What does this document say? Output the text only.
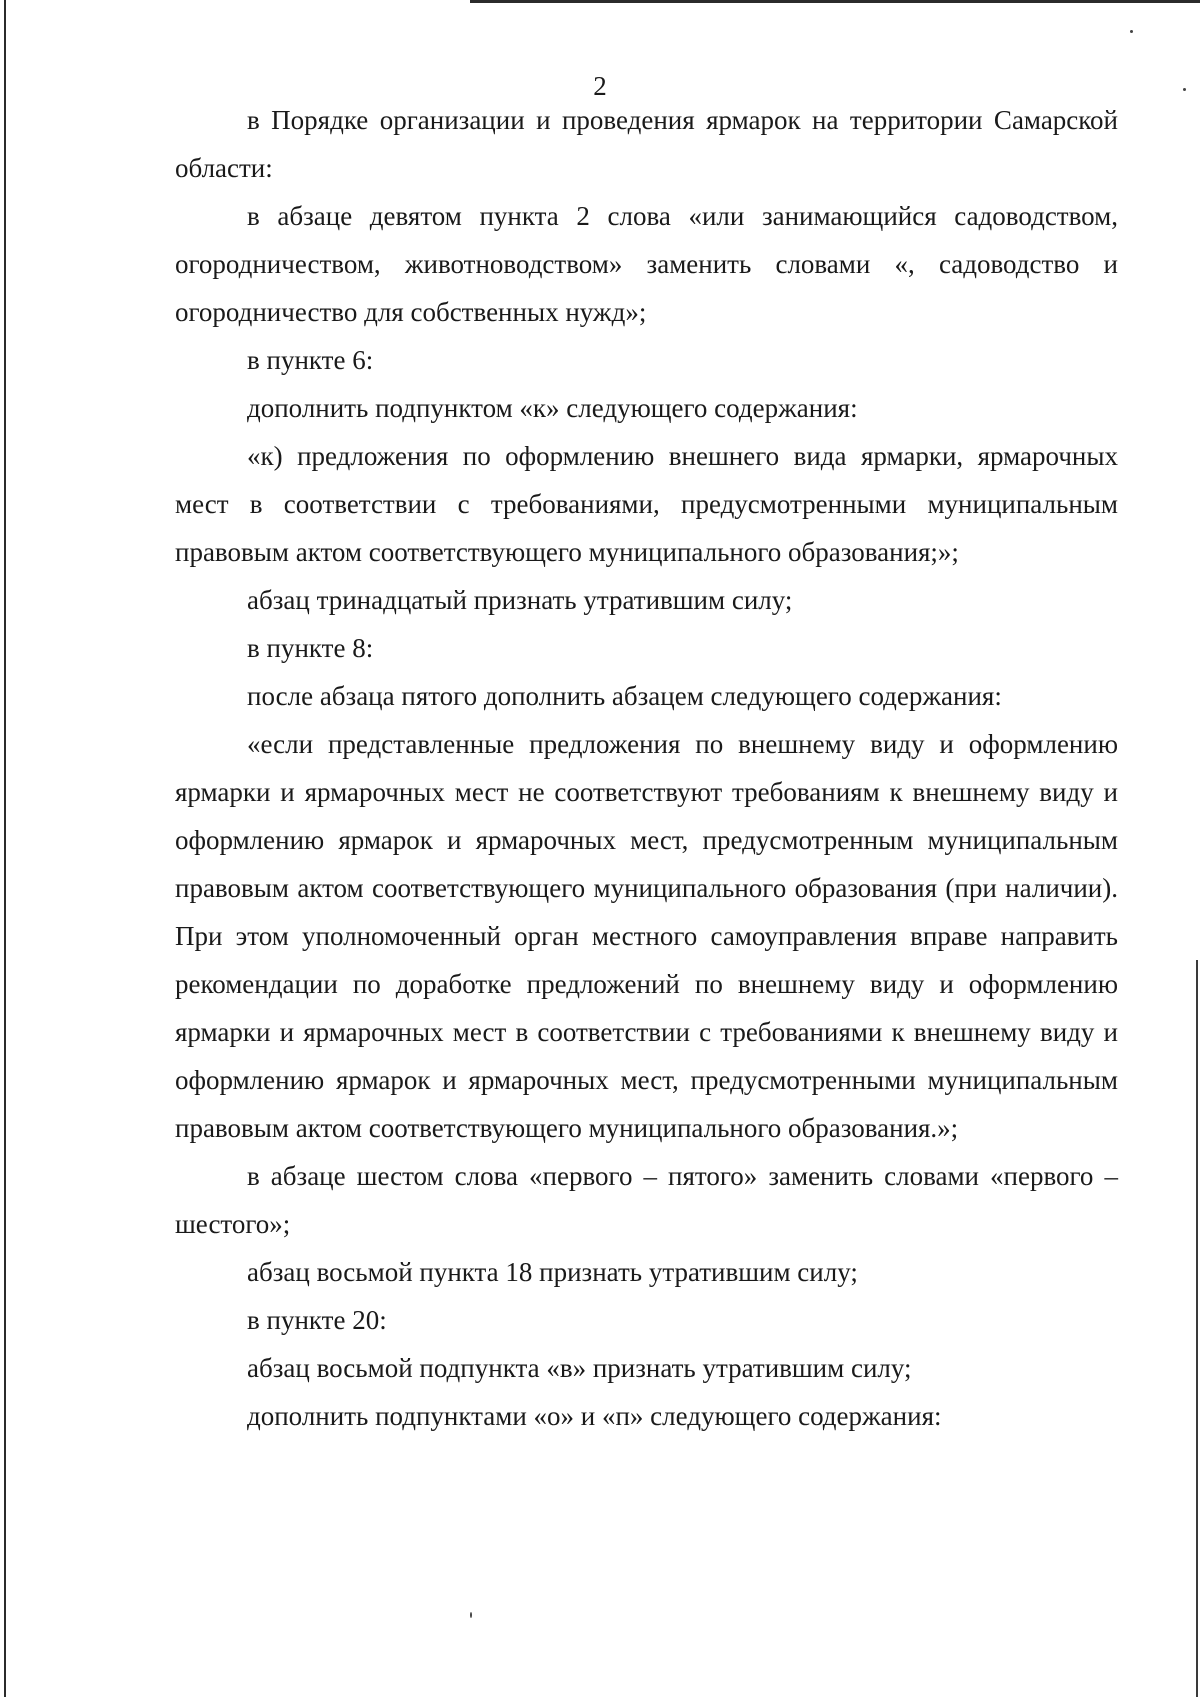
2

в Порядке организации и проведения ярмарок на территории Самарской области:

в абзаце девятом пункта 2 слова «или занимающийся садоводством, огородничеством, животноводством» заменить словами «, садоводство и огородничество для собственных нужд»;

в пункте 6:

дополнить подпунктом «к» следующего содержания:

«к) предложения по оформлению внешнего вида ярмарки, ярмарочных мест в соответствии с требованиями, предусмотренными муниципальным правовым актом соответствующего муниципального образования;»;

абзац тринадцатый признать утратившим силу;

в пункте 8:

после абзаца пятого дополнить абзацем следующего содержания:

«если представленные предложения по внешнему виду и оформлению ярмарки и ярмарочных мест не соответствуют требованиям к внешнему виду и оформлению ярмарок и ярмарочных мест, предусмотренным муниципальным правовым актом соответствующего муниципального образования (при наличии). При этом уполномоченный орган местного самоуправления вправе направить рекомендации по доработке предложений по внешнему виду и оформлению ярмарки и ярмарочных мест в соответствии с требованиями к внешнему виду и оформлению ярмарок и ярмарочных мест, предусмотренными муниципальным правовым актом соответствующего муниципального образования.»;

в абзаце шестом слова «первого – пятого» заменить словами «первого – шестого»;

абзац восьмой пункта 18 признать утратившим силу;

в пункте 20:

абзац восьмой подпункта «в» признать утратившим силу;

дополнить подпунктами «о» и «п» следующего содержания:
